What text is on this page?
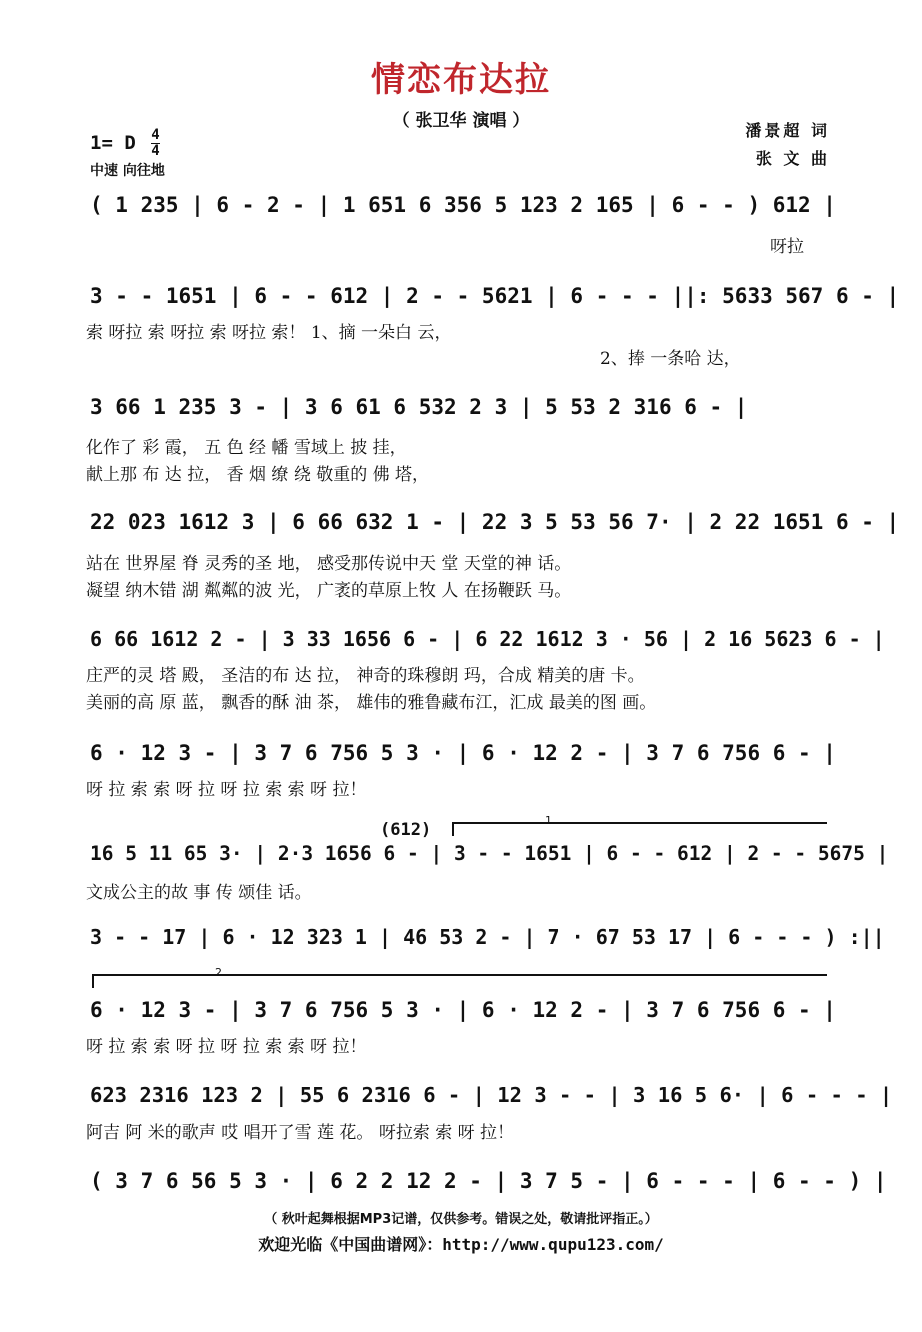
情恋布达拉
（ 张卫华 演唱 ）
1= D $\frac{4}{4}$
中速 向往地
潘景超 词
张 文 曲
( 1 235 | 6 - 2 - | 1 651 6 356 5 123 2 165 | 6 - - ) 612 |
呀拉
3 - - 1651 | 6 - - 612 | 2 - - 5621 | 6 - - - ||: 5633 567 6 - |
索 呀拉 索 呀拉 索 呀拉 索！ 1、摘 一朵白 云，
2、捧 一条哈 达，
3 66 1 235 3 - | 3 6 61 6 532 2 3 | 5 53 2 316 6 - |
化作了 彩 霞， 五 色 经 幡 雪域上 披 挂，
献上那 布 达 拉， 香 烟 缭 绕 敬重的 佛 塔，
22 023 1612 3 | 6 66 632 1 - | 22 3 5 53 56 7· | 2 22 1651 6 - |
站在 世界屋 脊 灵秀的圣 地， 感受那传说中天 堂 天堂的神 话。
凝望 纳木错 湖 粼粼的波 光， 广袤的草原上牧 人 在扬鞭跃 马。
6 66 1612 2 - | 3 33 1656 6 - | 6 22 1612 3 · 56 | 2 16 5623 6 - |
庄严的灵 塔 殿， 圣洁的布 达 拉， 神奇的珠穆朗 玛，合成 精美的唐 卡。
美丽的高 原 蓝， 飘香的酥 油 茶， 雄伟的雅鲁藏布江，汇成 最美的图 画。
6 · 12 3 - | 3 7 6 756 5 3 · | 6 · 12 2 - | 3 7 6 756 6 - |
呀 拉 索 索 呀 拉 呀 拉 索 索 呀 拉！
(612)	1
16 5 11 65 3· | 2·3 1656 6 - | 3 - - 1651 | 6 - - 612 | 2 - - 5675 |
文成公主的故 事 传 颂佳 话。
3 - - 17 | 6 · 12 323 1 | 46 53 2 - | 7 · 67 53 17 | 6 - - - ) :||
2
6 · 12 3 - | 3 7 6 756 5 3 · | 6 · 12 2 - | 3 7 6 756 6 - |
呀 拉 索 索 呀 拉 呀 拉 索 索 呀 拉！
623 2316 123 2 | 55 6 2316 6 - | 12 3 - - | 3 16 5 6· | 6 - - - |
阿吉 阿 米的歌声 哎 唱开了雪 莲 花。 呀拉索 索 呀 拉！
( 3 7 6 56 5 3 · | 6 2 2 12 2 - | 3 7 5 - | 6 - - - | 6 - - ) |
（ 秋叶起舞根据MP3记谱，仅供参考。错误之处，敬请批评指正。）
欢迎光临《中国曲谱网》：http://www.qupu123.com/
